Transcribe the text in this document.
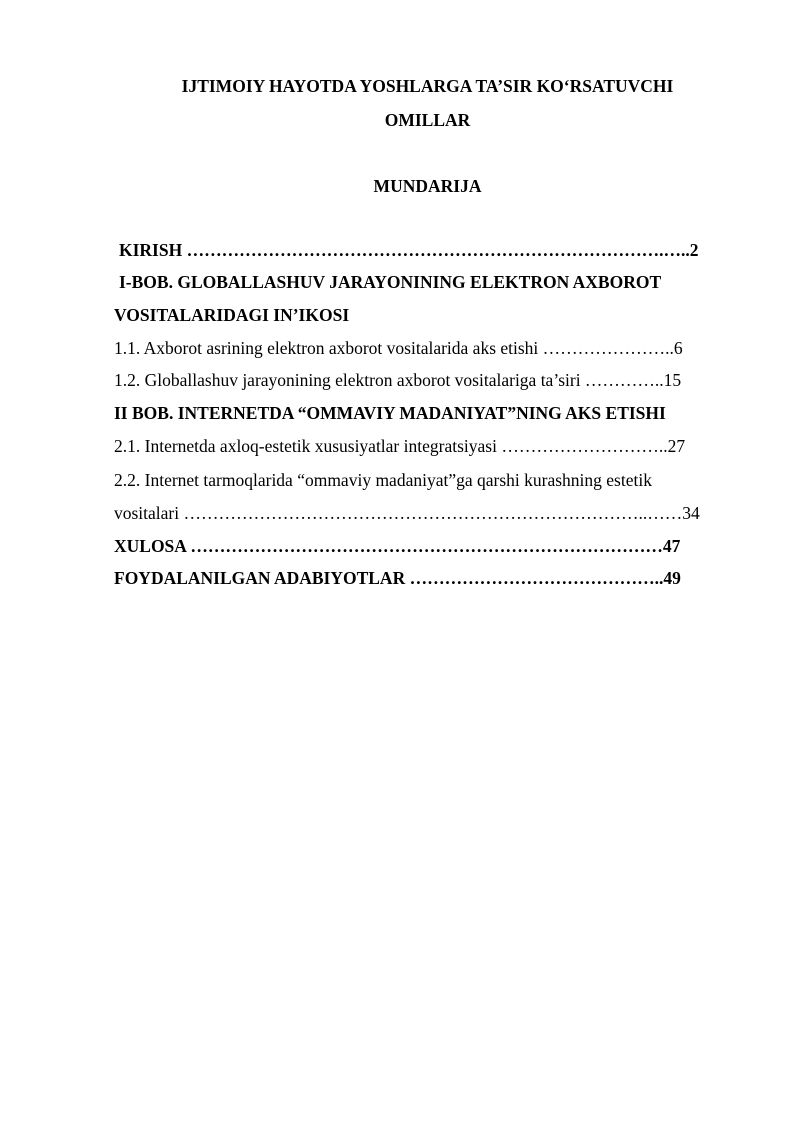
IJTIMOIY HAYOTDA YOSHLARGA TA’SIR KO‘RSATUVCHI
OMILLAR
MUNDARIJA
KIRISH ……………………………………………………………………….…..2
I-BOB. GLOBALLASHUV JARAYONINING ELEKTRON AXBOROT
VOSITALARIDAGI IN’IKOSI
1.1. Axborot asrining elektron axborot vositalarida aks etishi …………………..6
1.2. Globallashuv jarayonining elektron axborot vositalariga ta’siri …………..15
II BOB. INTERNETDA “OMMAVIY MADANIYAT”NING AKS ETISHI
2.1. Internetda axloq-estetik xususiyatlar integratsiyasi ………………………..27
2.2. Internet tarmoqlarida “ommaviy madaniyat”ga qarshi kurashning estetik
vositalari ……………………………………………………………………..……34
XULOSA ………………………………………………………………………47
FOYDALANILGAN ADABIYOTLAR ……………………………………..49
